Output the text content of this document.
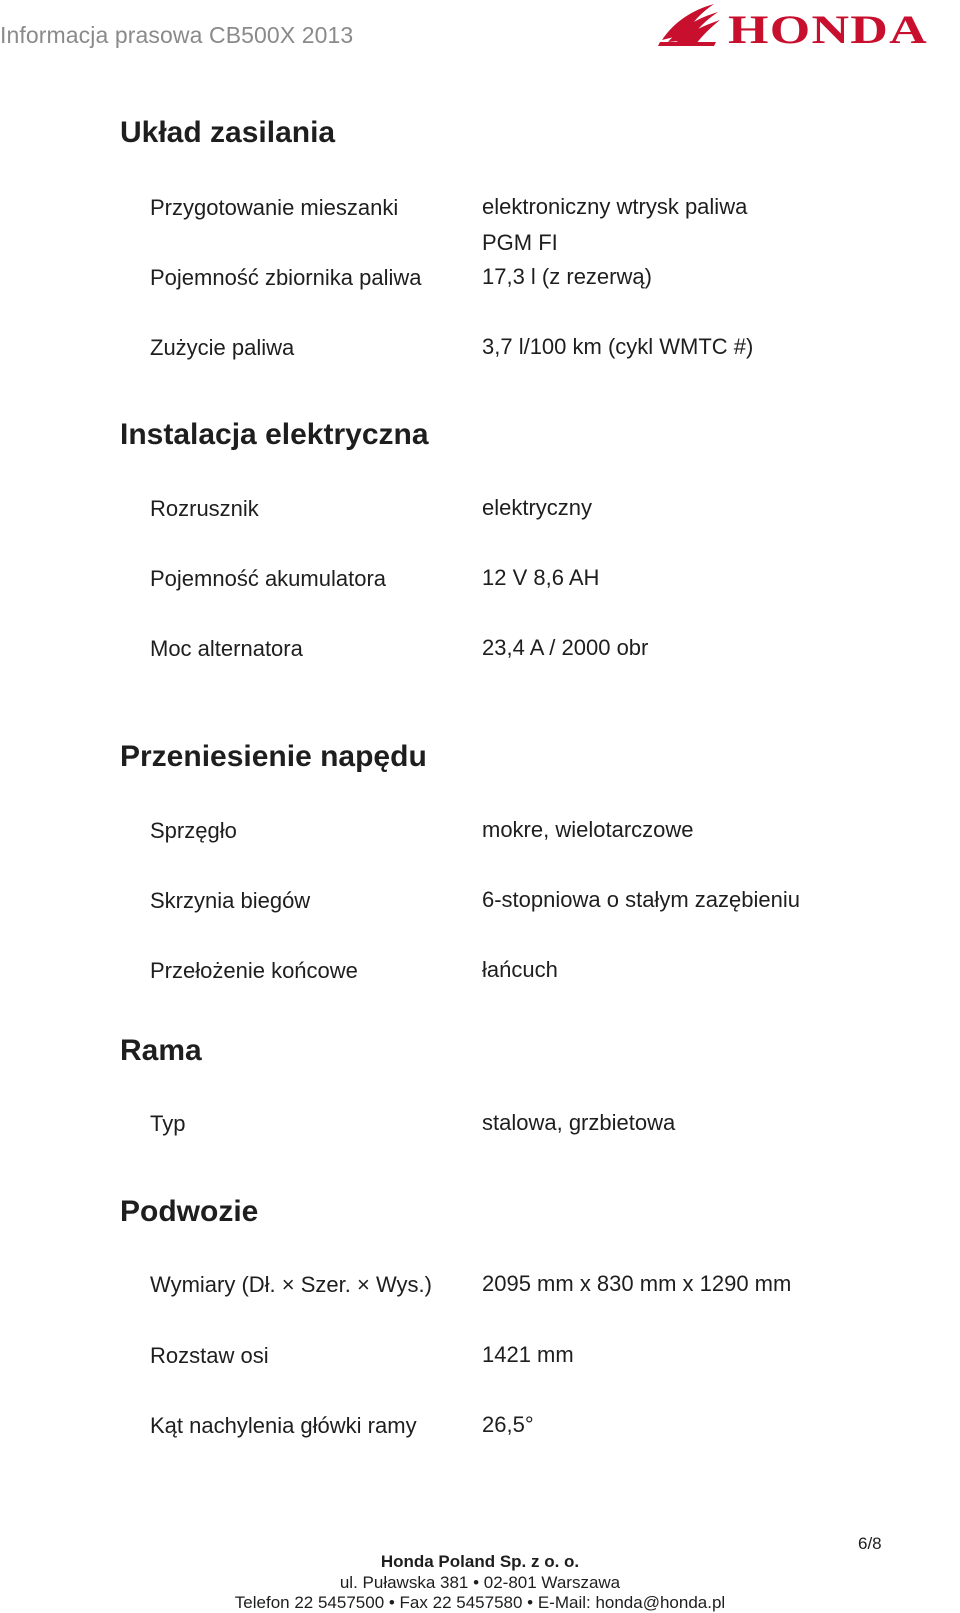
Informacja prasowa CB500X 2013	HONDA
Układ zasilania
Przygotowanie mieszanki	elektroniczny wtrysk paliwa
PGM FI
Pojemność zbiornika paliwa	17,3 l (z rezerwą)
Zużycie paliwa	3,7 l/100 km (cykl WMTC #)
Instalacja elektryczna
Rozrusznik	elektryczny
Pojemność akumulatora	12 V 8,6 AH
Moc alternatora	23,4 A / 2000 obr
Przeniesienie napędu
Sprzęgło	mokre, wielotarczowe
Skrzynia biegów	6-stopniowa o stałym zazębieniu
Przełożenie końcowe	łańcuch
Rama
Typ	stalowa, grzbietowa
Podwozie
Wymiary (Dł. × Szer. × Wys.) 2095 mm x 830 mm x 1290 mm
Rozstaw osi	1421 mm
Kąt nachylenia główki ramy	26,5°
6/8
Honda Poland Sp. z o. o.
ul. Puławska 381 • 02-801 Warszawa
Telefon 22 5457500 • Fax 22 5457580 • E-Mail: honda@honda.pl
